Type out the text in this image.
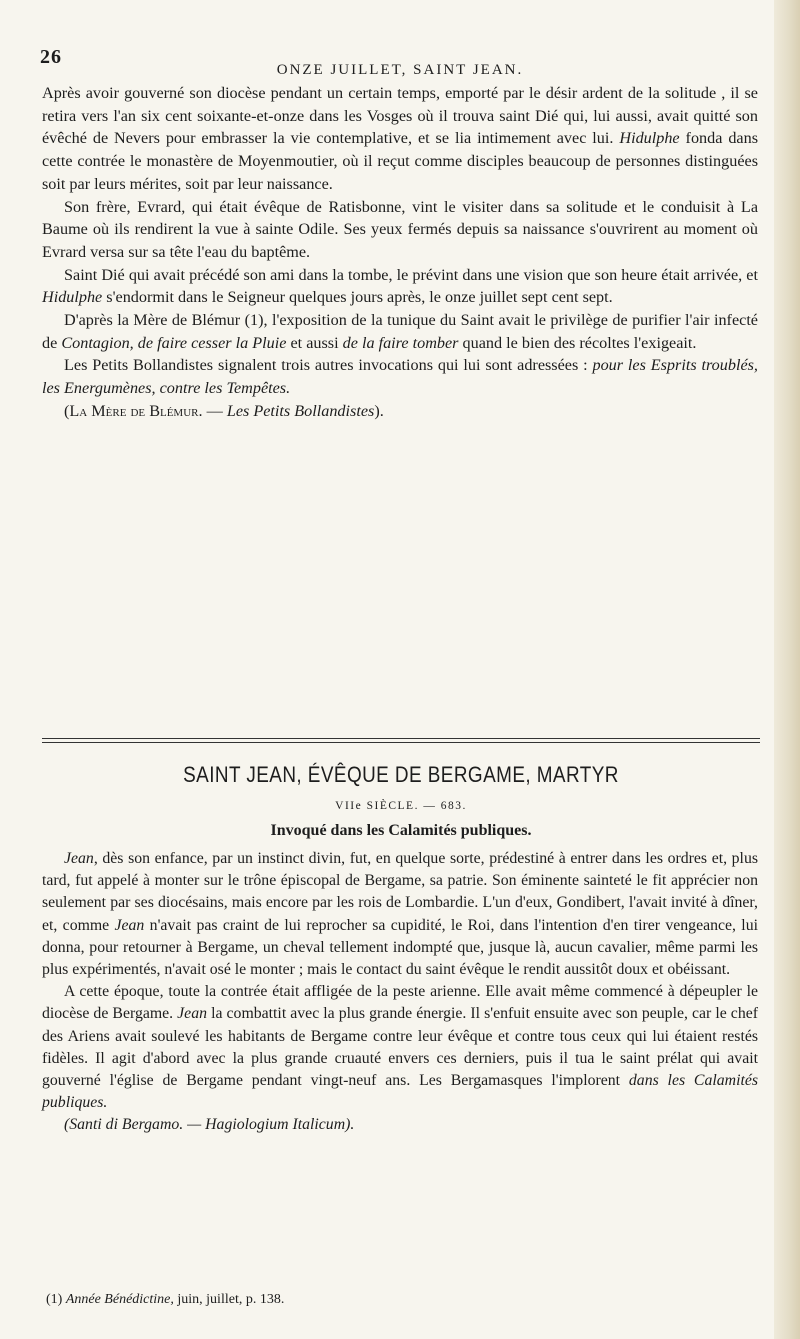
26
ONZE JUILLET, SAINT JEAN.

Après avoir gouverné son diocèse pendant un certain temps, emporté par le désir ardent de la solitude , il se retira vers l'an six cent soixante-et-onze dans les Vosges où il trouva saint Dié qui, lui aussi, avait quitté son évêché de Nevers pour embrasser la vie contemplative, et se lia intimement avec lui. Hidulphe fonda dans cette contrée le monastère de Moyenmoutier, où il reçut comme disciples beaucoup de personnes distinguées soit par leurs mérites, soit par leur naissance.

Son frère, Evrard, qui était évêque de Ratisbonne, vint le visiter dans sa solitude et le conduisit à La Baume où ils rendirent la vue à sainte Odile. Ses yeux fermés depuis sa naissance s'ouvrirent au moment où Evrard versa sur sa tête l'eau du baptême.

Saint Dié qui avait précédé son ami dans la tombe, le prévint dans une vision que son heure était arrivée, et Hidulphe s'endormit dans le Seigneur quelques jours après, le onze juillet sept cent sept.

D'après la Mère de Blémur (1), l'exposition de la tunique du Saint avait le privilège de purifier l'air infecté de Contagion, de faire cesser la Pluie et aussi de la faire tomber quand le bien des récoltes l'exigeait.

Les Petits Bollandistes signalent trois autres invocations qui lui sont adressées : pour les Esprits troublés, les Energumènes, contre les Tempêtes.

(La Mère de Blémur. — Les Petits Bollandistes).

SAINT JEAN, ÉVÊQUE DE BERGAME, MARTYR
VIIe SIÈCLE. — 683.
Invoqué dans les Calamités publiques.

Jean, dès son enfance, par un instinct divin, fut, en quelque sorte, prédestiné à entrer dans les ordres et, plus tard, fut appelé à monter sur le trône épiscopal de Bergame, sa patrie. Son éminente sainteté le fit apprécier non seulement par ses diocésains, mais encore par les rois de Lombardie. L'un d'eux, Gondibert, l'avait invité à dîner, et, comme Jean n'avait pas craint de lui reprocher sa cupidité, le Roi, dans l'intention d'en tirer vengeance, lui donna, pour retourner à Bergame, un cheval tellement indompté que, jusque là, aucun cavalier, même parmi les plus expérimentés, n'avait osé le monter ; mais le contact du saint évêque le rendit aussitôt doux et obéissant.

A cette époque, toute la contrée était affligée de la peste arienne. Elle avait même commencé à dépeupler le diocèse de Bergame. Jean la combattit avec la plus grande énergie. Il s'enfuit ensuite avec son peuple, car le chef des Ariens avait soulevé les habitants de Bergame contre leur évêque et contre tous ceux qui lui étaient restés fidèles. Il agit d'abord avec la plus grande cruauté envers ces derniers, puis il tua le saint prélat qui avait gouverné l'église de Bergame pendant vingt-neuf ans. Les Bergamasques l'implorent dans les Calamités publiques.

(Santi di Bergamo. — Hagiologium Italicum).

(1) Année Bénédictine, juin, juillet, p. 138.
